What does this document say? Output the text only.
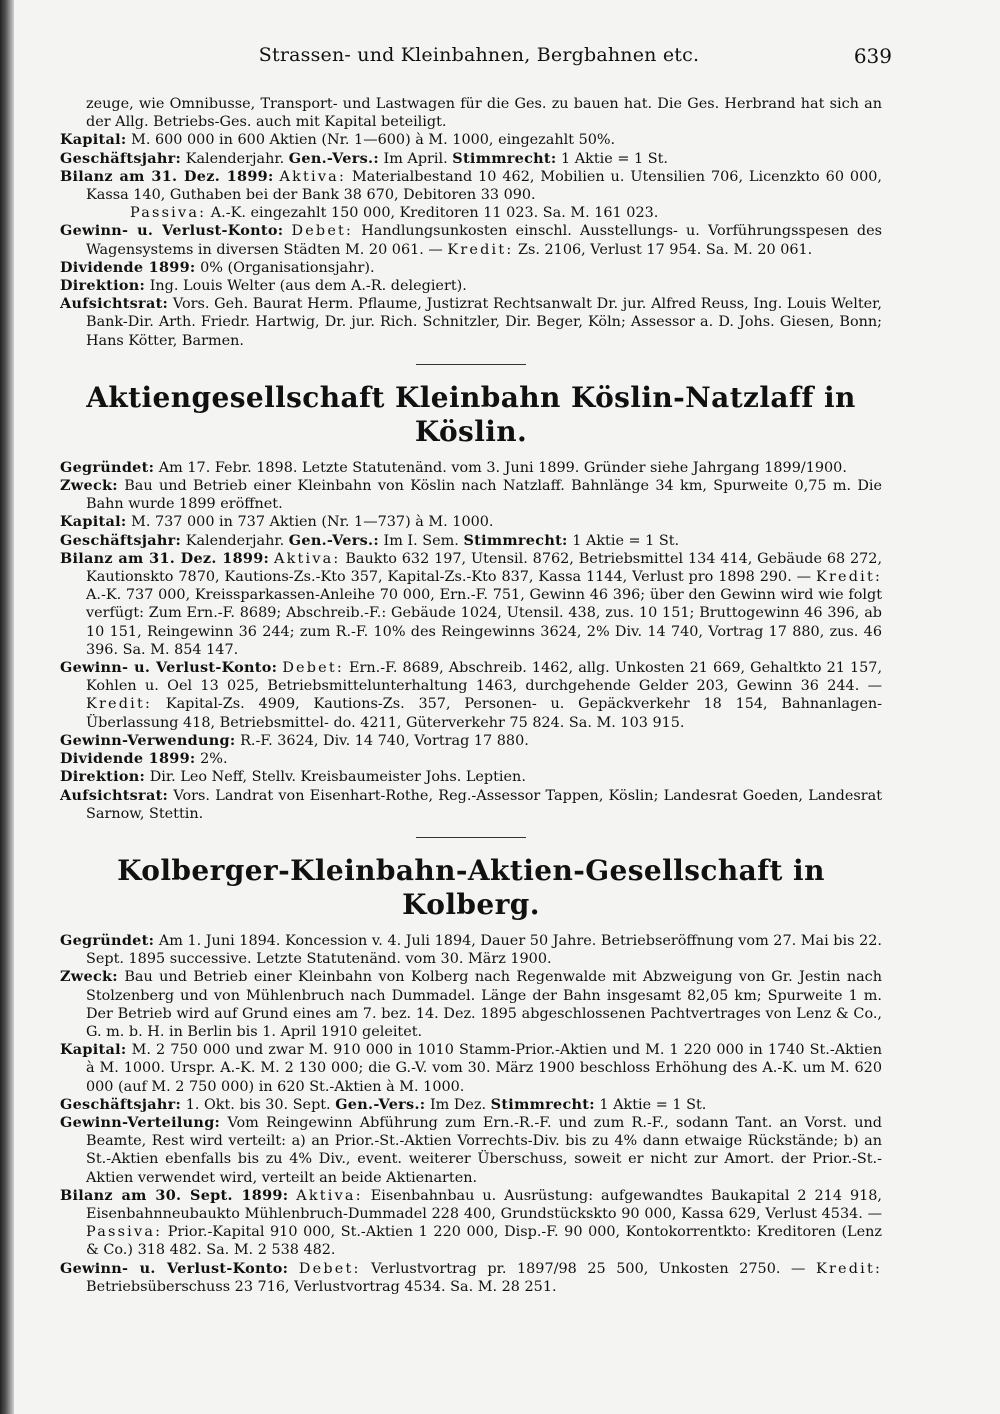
Strassen- und Kleinbahnen, Bergbahnen etc.	639

zeuge, wie Omnibusse, Transport- und Lastwagen für die Ges. zu bauen hat. Die Ges. Herbrand hat sich an der Allg. Betriebs-Ges. auch mit Kapital beteiligt.

Kapital: M. 600 000 in 600 Aktien (Nr. 1—600) à M. 1000, eingezahlt 50%.

Geschäftsjahr: Kalenderjahr. Gen.-Vers.: Im April. Stimmrecht: 1 Aktie = 1 St.

Bilanz am 31. Dez. 1899: Aktiva: Materialbestand 10 462, Mobilien u. Utensilien 706, Licenzkto 60 000, Kassa 140, Guthaben bei der Bank 38 670, Debitoren 33 090.

Passiva: A.-K. eingezahlt 150 000, Kreditoren 11 023. Sa. M. 161 023.

Gewinn- u. Verlust-Konto: Debet: Handlungsunkosten einschl. Ausstellungs- u. Vorführungsspesen des Wagensystems in diversen Städten M. 20 061. — Kredit: Zs. 2106, Verlust 17 954. Sa. M. 20 061.

Dividende 1899: 0% (Organisationsjahr).

Direktion: Ing. Louis Welter (aus dem A.-R. delegiert).

Aufsichtsrat: Vors. Geh. Baurat Herm. Pflaume, Justizrat Rechtsanwalt Dr. jur. Alfred Reuss, Ing. Louis Welter, Bank-Dir. Arth. Friedr. Hartwig, Dr. jur. Rich. Schnitzler, Dir. Beger, Köln; Assessor a. D. Johs. Giesen, Bonn; Hans Kötter, Barmen.

Aktiengesellschaft Kleinbahn Köslin-Natzlaff in Köslin.

Gegründet: Am 17. Febr. 1898. Letzte Statutenänd. vom 3. Juni 1899. Gründer siehe Jahrgang 1899/1900.

Zweck: Bau und Betrieb einer Kleinbahn von Köslin nach Natzlaff. Bahnlänge 34 km, Spurweite 0,75 m. Die Bahn wurde 1899 eröffnet.

Kapital: M. 737 000 in 737 Aktien (Nr. 1—737) à M. 1000.

Geschäftsjahr: Kalenderjahr. Gen.-Vers.: Im I. Sem. Stimmrecht: 1 Aktie = 1 St.

Bilanz am 31. Dez. 1899: Aktiva: Baukto 632 197, Utensil. 8762, Betriebsmittel 134 414, Gebäude 68 272, Kautionskto 7870, Kautions-Zs.-Kto 357, Kapital-Zs.-Kto 837, Kassa 1144, Verlust pro 1898 290. — Kredit: A.-K. 737 000, Kreissparkassen-Anleihe 70 000, Ern.-F. 751, Gewinn 46 396; über den Gewinn wird wie folgt verfügt: Zum Ern.-F. 8689; Abschreib.-F.: Gebäude 1024, Utensil. 438, zus. 10 151; Bruttogewinn 46 396, ab 10 151, Reingewinn 36 244; zum R.-F. 10% des Reingewinns 3624, 2% Div. 14 740, Vortrag 17 880, zus. 46 396. Sa. M. 854 147.

Gewinn- u. Verlust-Konto: Debet: Ern.-F. 8689, Abschreib. 1462, allg. Unkosten 21 669, Gehaltkto 21 157, Kohlen u. Oel 13 025, Betriebsmittelunterhaltung 1463, durchgehende Gelder 203, Gewinn 36 244. — Kredit: Kapital-Zs. 4909, Kautions-Zs. 357, Personen- u. Gepäckverkehr 18 154, Bahnanlagen-Überlassung 418, Betriebsmittel- do. 4211, Güterverkehr 75 824. Sa. M. 103 915.

Gewinn-Verwendung: R.-F. 3624, Div. 14 740, Vortrag 17 880.

Dividende 1899: 2%.

Direktion: Dir. Leo Neff, Stellv. Kreisbaumeister Johs. Leptien.

Aufsichtsrat: Vors. Landrat von Eisenhart-Rothe, Reg.-Assessor Tappen, Köslin; Landesrat Goeden, Landesrat Sarnow, Stettin.

Kolberger-Kleinbahn-Aktien-Gesellschaft in Kolberg.

Gegründet: Am 1. Juni 1894. Koncession v. 4. Juli 1894, Dauer 50 Jahre. Betriebseröffnung vom 27. Mai bis 22. Sept. 1895 successive. Letzte Statutenänd. vom 30. März 1900.

Zweck: Bau und Betrieb einer Kleinbahn von Kolberg nach Regenwalde mit Abzweigung von Gr. Jestin nach Stolzenberg und von Mühlenbruch nach Dummadel. Länge der Bahn insgesamt 82,05 km; Spurweite 1 m. Der Betrieb wird auf Grund eines am 7. bez. 14. Dez. 1895 abgeschlossenen Pachtvertrages von Lenz & Co., G. m. b. H. in Berlin bis 1. April 1910 geleitet.

Kapital: M. 2 750 000 und zwar M. 910 000 in 1010 Stamm-Prior.-Aktien und M. 1 220 000 in 1740 St.-Aktien à M. 1000. Urspr. A.-K. M. 2 130 000; die G.-V. vom 30. März 1900 beschloss Erhöhung des A.-K. um M. 620 000 (auf M. 2 750 000) in 620 St.-Aktien à M. 1000.

Geschäftsjahr: 1. Okt. bis 30. Sept. Gen.-Vers.: Im Dez. Stimmrecht: 1 Aktie = 1 St.

Gewinn-Verteilung: Vom Reingewinn Abführung zum Ern.-R.-F. und zum R.-F., sodann Tant. an Vorst. und Beamte, Rest wird verteilt: a) an Prior.-St.-Aktien Vorrechts-Div. bis zu 4% dann etwaige Rückstände; b) an St.-Aktien ebenfalls bis zu 4% Div., event. weiterer Überschuss, soweit er nicht zur Amort. der Prior.-St.-Aktien verwendet wird, verteilt an beide Aktienarten.

Bilanz am 30. Sept. 1899: Aktiva: Eisenbahnbau u. Ausrüstung: aufgewandtes Baukapital 2 214 918, Eisenbahnneubaukto Mühlenbruch-Dummadel 228 400, Grundstückskto 90 000, Kassa 629, Verlust 4534. — Passiva: Prior.-Kapital 910 000, St.-Aktien 1 220 000, Disp.-F. 90 000, Kontokorrentkto: Kreditoren (Lenz & Co.) 318 482. Sa. M. 2 538 482.

Gewinn- u. Verlust-Konto: Debet: Verlustvortrag pr. 1897/98 25 500, Unkosten 2750. — Kredit: Betriebsüberschuss 23 716, Verlustvortrag 4534. Sa. M. 28 251.
